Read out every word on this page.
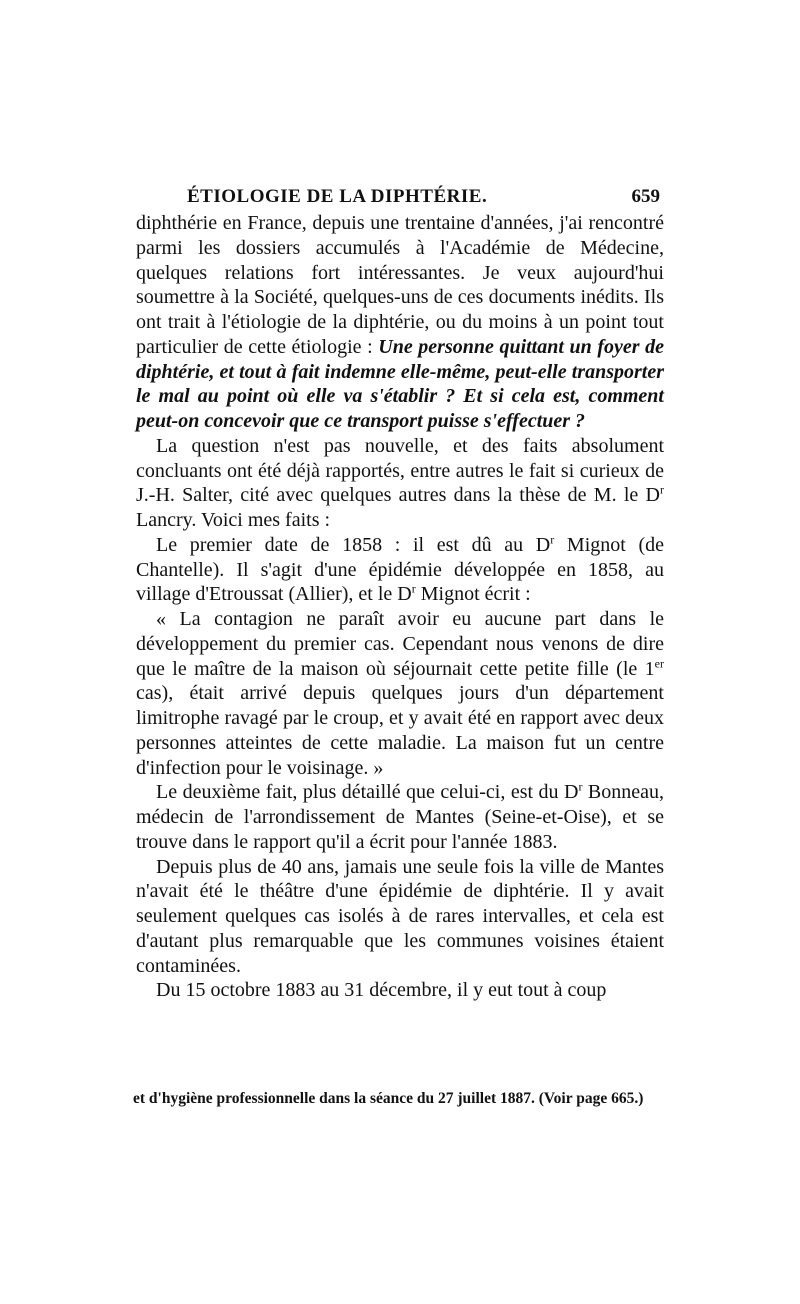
ÉTIOLOGIE DE LA DIPHTÉRIE.	659

diphthérie en France, depuis une trentaine d'années, j'ai rencontré parmi les dossiers accumulés à l'Académie de Médecine, quelques relations fort intéressantes. Je veux aujourd'hui soumettre à la Société, quelques-uns de ces documents inédits. Ils ont trait à l'étiologie de la diphtérie, ou du moins à un point tout particulier de cette étiologie : Une personne quittant un foyer de diphtérie, et tout à fait indemne elle-même, peut-elle transporter le mal au point où elle va s'établir ? Et si cela est, comment peut-on concevoir que ce transport puisse s'effectuer ?

La question n'est pas nouvelle, et des faits absolument concluants ont été déjà rapportés, entre autres le fait si curieux de J.-H. Salter, cité avec quelques autres dans la thèse de M. le $D^r$ Lancry. Voici mes faits :

Le premier date de 1858 : il est dû au $D^r$ Mignot (de Chantelle). Il s'agit d'une épidémie développée en 1858, au village d'Etroussat (Allier), et le $D^r$ Mignot écrit :

« La contagion ne paraît avoir eu aucune part dans le développement du premier cas. Cependant nous venons de dire que le maître de la maison où séjournait cette petite fille (le 1er cas), était arrivé depuis quelques jours d'un département limitrophe ravagé par le croup, et y avait été en rapport avec deux personnes atteintes de cette maladie. La maison fut un centre d'infection pour le voisinage. »

Le deuxième fait, plus détaillé que celui-ci, est du $D^r$ Bonneau, médecin de l'arrondissement de Mantes (Seine-et-Oise), et se trouve dans le rapport qu'il a écrit pour l'année 1883.

Depuis plus de 40 ans, jamais une seule fois la ville de Mantes n'avait été le théâtre d'une épidémie de diphtérie. Il y avait seulement quelques cas isolés à de rares intervalles, et cela est d'autant plus remarquable que les communes voisines étaient contaminées.

Du 15 octobre 1883 au 31 décembre, il y eut tout à coup

et d'hygiène professionnelle dans la séance du 27 juillet 1887. (Voir page 665.)
